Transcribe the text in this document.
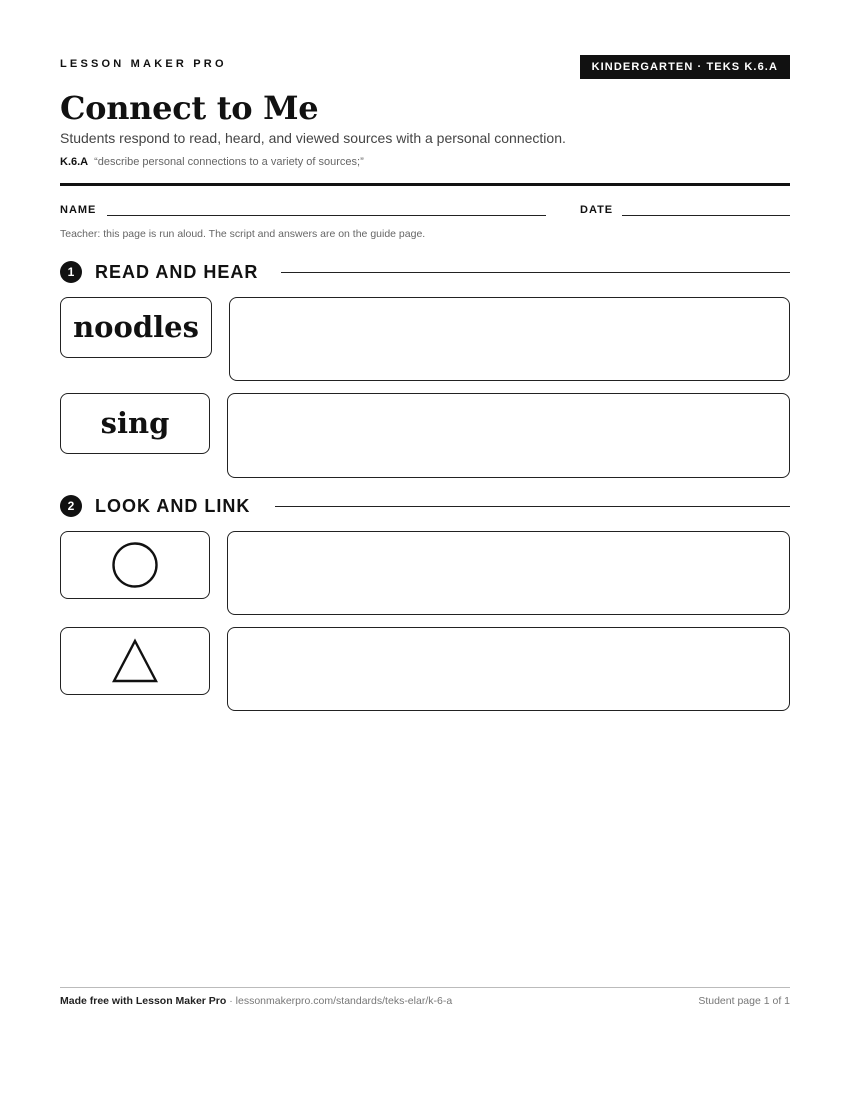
LESSON MAKER PRO	KINDERGARTEN · TEKS K.6.A
Connect to Me
Students respond to read, heard, and viewed sources with a personal connection.
K.6.A “describe personal connections to a variety of sources;”
NAME	DATE
Teacher: this page is run aloud. The script and answers are on the guide page.
1	READ AND HEAR
noodles
sing
2	LOOK AND LINK
Made free with Lesson Maker Pro · lessonmakerpro.com/standards/teks-elar/k-6-a	Student page 1 of 1
